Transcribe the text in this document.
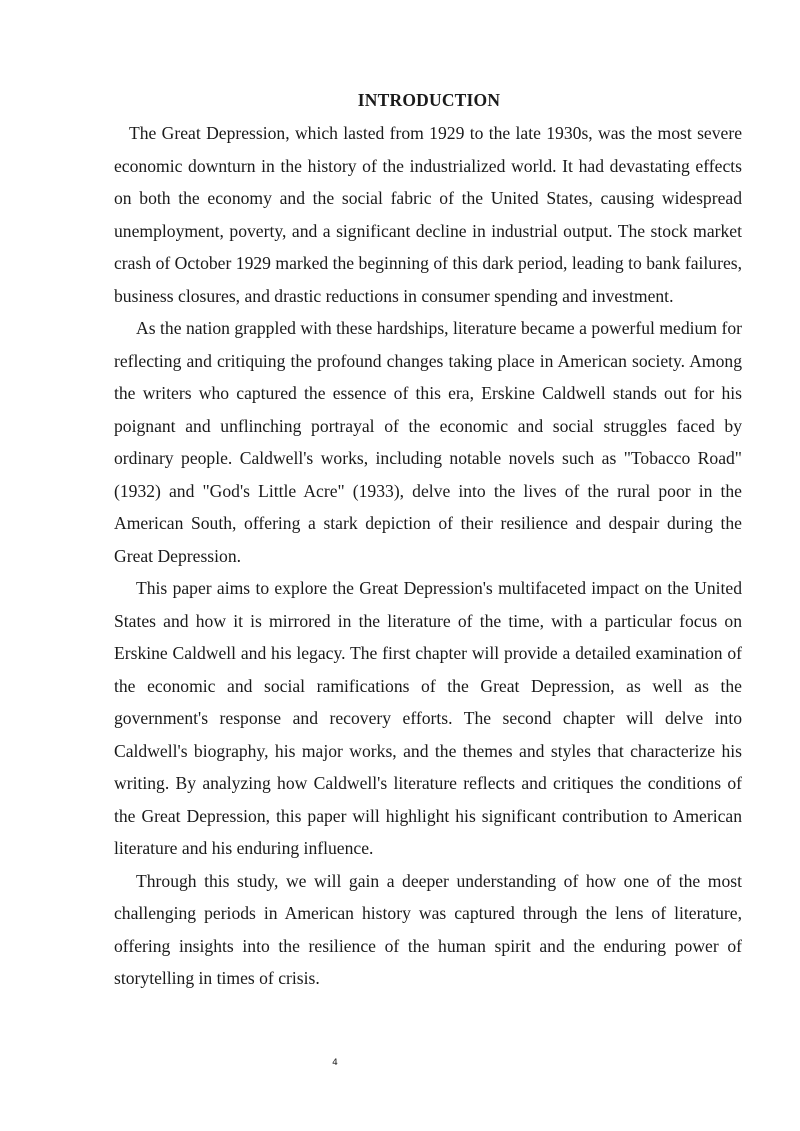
INTRODUCTION

The Great Depression, which lasted from 1929 to the late 1930s, was the most severe economic downturn in the history of the industrialized world. It had devastating effects on both the economy and the social fabric of the United States, causing widespread unemployment, poverty, and a significant decline in industrial output. The stock market crash of October 1929 marked the beginning of this dark period, leading to bank failures, business closures, and drastic reductions in consumer spending and investment.

As the nation grappled with these hardships, literature became a powerful medium for reflecting and critiquing the profound changes taking place in American society. Among the writers who captured the essence of this era, Erskine Caldwell stands out for his poignant and unflinching portrayal of the economic and social struggles faced by ordinary people. Caldwell's works, including notable novels such as "Tobacco Road" (1932) and "God's Little Acre" (1933), delve into the lives of the rural poor in the American South, offering a stark depiction of their resilience and despair during the Great Depression.

This paper aims to explore the Great Depression's multifaceted impact on the United States and how it is mirrored in the literature of the time, with a particular focus on Erskine Caldwell and his legacy. The first chapter will provide a detailed examination of the economic and social ramifications of the Great Depression, as well as the government's response and recovery efforts. The second chapter will delve into Caldwell's biography, his major works, and the themes and styles that characterize his writing. By analyzing how Caldwell's literature reflects and critiques the conditions of the Great Depression, this paper will highlight his significant contribution to American literature and his enduring influence.

Through this study, we will gain a deeper understanding of how one of the most challenging periods in American history was captured through the lens of literature, offering insights into the resilience of the human spirit and the enduring power of storytelling in times of crisis.

4
